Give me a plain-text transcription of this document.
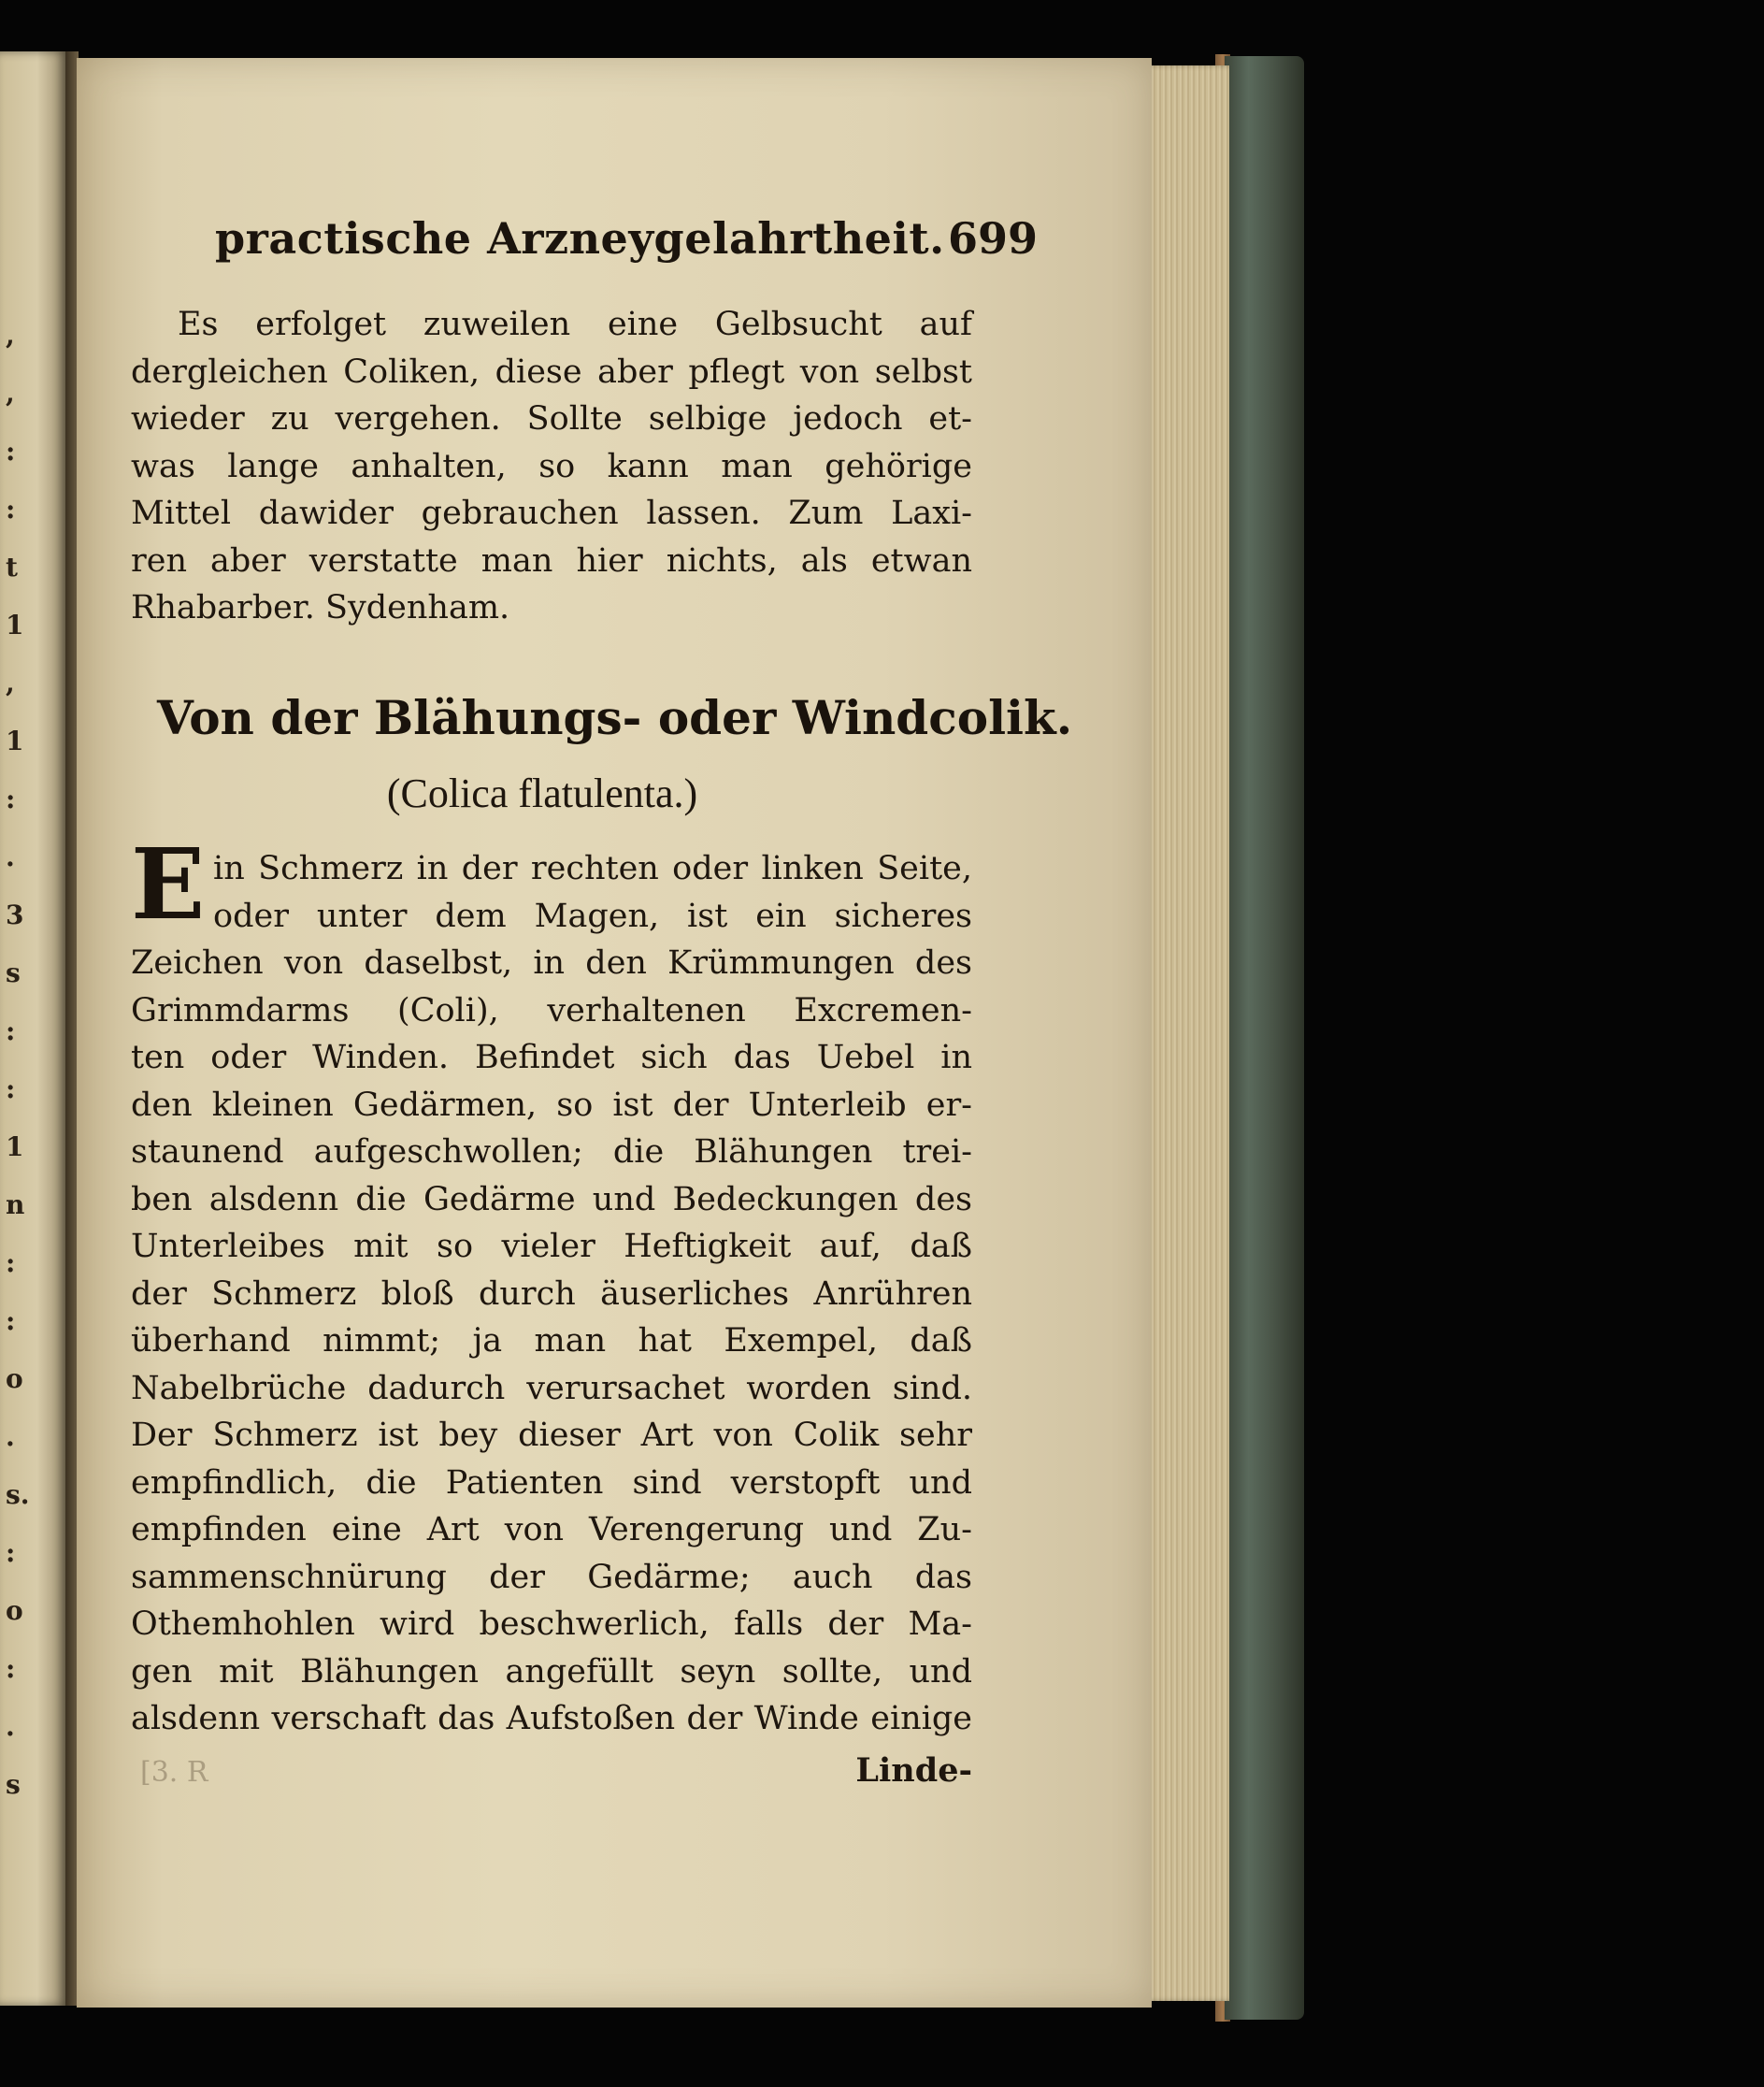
,
,
:
:
t
1
,
1
:
.
3
s
:
:
1
n
:
:
o
.
s.
:
o
:
.
s
practische Arzneygelahrtheit. 699
Es erfolget zuweilen eine Gelbsucht auf
dergleichen Coliken, diese aber pflegt von selbst
wieder zu vergehen. Sollte selbige jedoch et-
was lange anhalten, so kann man gehörige
Mittel dawider gebrauchen lassen. Zum Laxi-
ren aber verstatte man hier nichts, als etwan
Rhabarber. Sydenham.
Von der Blähungs- oder Windcolik.
(Colica flatulenta.)
E in Schmerz in der rechten oder linken Seite,
oder unter dem Magen, ist ein sicheres
Zeichen von daselbst, in den Krümmungen des
Grimmdarms (Coli), verhaltenen Excremen-
ten oder Winden. Befindet sich das Uebel in
den kleinen Gedärmen, so ist der Unterleib er-
staunend aufgeschwollen; die Blähungen trei-
ben alsdenn die Gedärme und Bedeckungen des
Unterleibes mit so vieler Heftigkeit auf, daß
der Schmerz bloß durch äuserliches Anrühren
überhand nimmt; ja man hat Exempel, daß
Nabelbrüche dadurch verursachet worden sind.
Der Schmerz ist bey dieser Art von Colik sehr
empfindlich, die Patienten sind verstopft und
empfinden eine Art von Verengerung und Zu-
sammenschnürung der Gedärme; auch das
Othemhohlen wird beschwerlich, falls der Ma-
gen mit Blähungen angefüllt seyn sollte, und
alsdenn verschaft das Aufstoßen der Winde einige
[3. R	Linde-
